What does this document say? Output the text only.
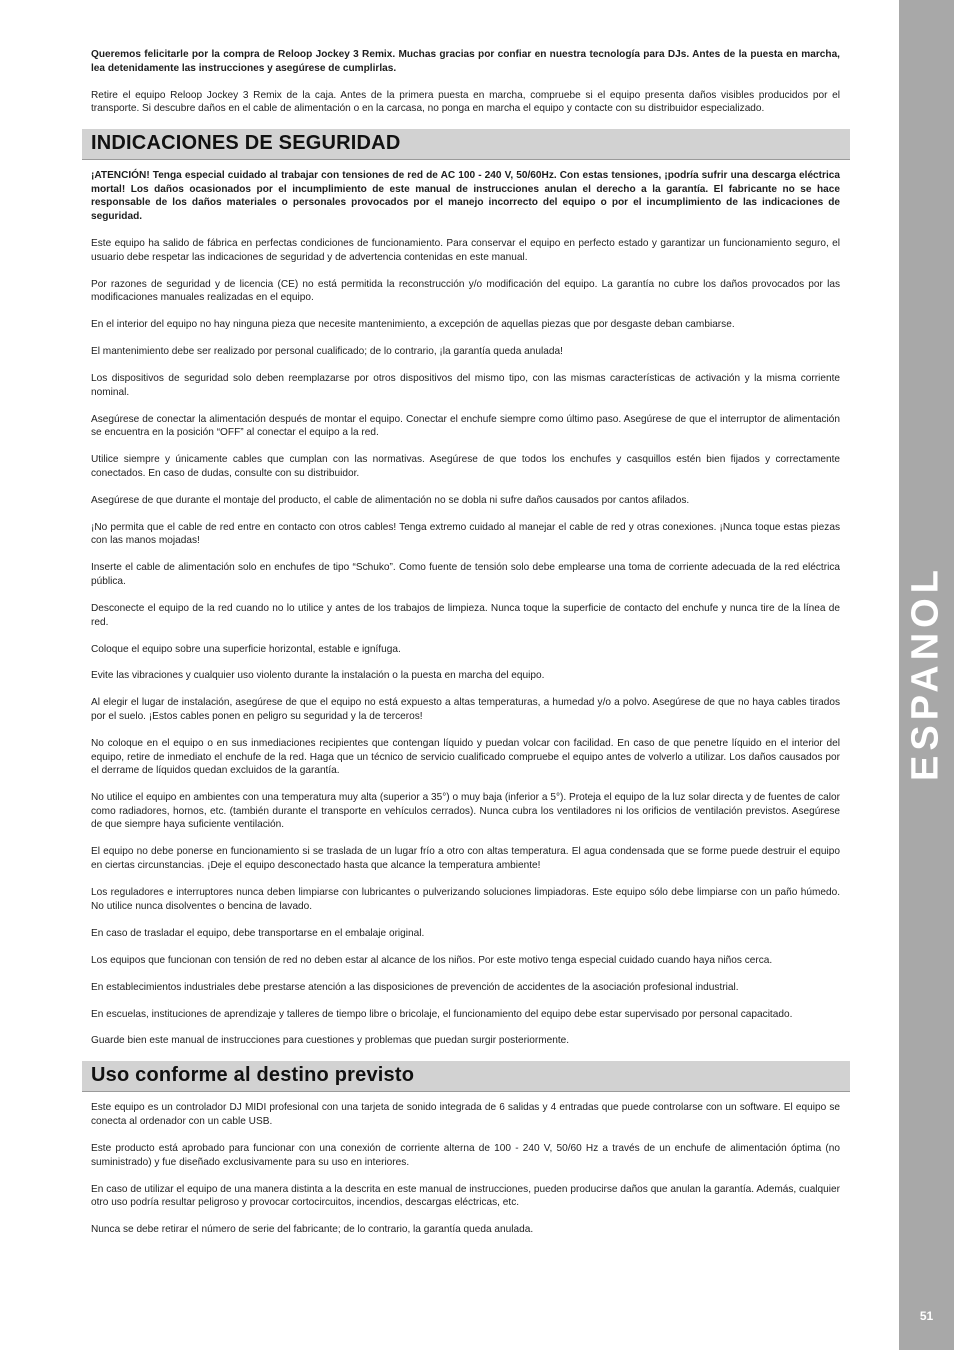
Queremos felicitarle por la compra de Reloop Jockey 3 Remix. Muchas gracias por confiar en nuestra tecnología para DJs. Antes de la puesta en marcha, lea detenidamente las instrucciones y asegúrese de cumplirlas.

Retire el equipo Reloop Jockey 3 Remix de la caja. Antes de la primera puesta en marcha, compruebe si el equipo presenta daños visibles producidos por el transporte. Si descubre daños en el cable de alimentación o en la carcasa, no ponga en marcha el equipo y contacte con su distribuidor especializado.

INDICACIONES DE SEGURIDAD

¡ATENCIÓN! Tenga especial cuidado al trabajar con tensiones de red de AC 100 - 240 V, 50/60Hz. Con estas tensiones, ¡podría sufrir una descarga eléctrica mortal! Los daños ocasionados por el incumplimiento de este manual de instrucciones anulan el derecho a la garantía. El fabricante no se hace responsable de los daños materiales o personales provocados por el manejo incorrecto del equipo o por el incumplimiento de las indicaciones de seguridad.

Este equipo ha salido de fábrica en perfectas condiciones de funcionamiento. Para conservar el equipo en perfecto estado y garantizar un funcionamiento seguro, el usuario debe respetar las indicaciones de seguridad y de advertencia contenidas en este manual.

Por razones de seguridad y de licencia (CE) no está permitida la reconstrucción y/o modificación del equipo. La garantía no cubre los daños provocados por las modificaciones manuales realizadas en el equipo.

En el interior del equipo no hay ninguna pieza que necesite mantenimiento, a excepción de aquellas piezas que por desgaste deban cambiarse.

El mantenimiento debe ser realizado por personal cualificado; de lo contrario, ¡la garantía queda anulada!

Los dispositivos de seguridad solo deben reemplazarse por otros dispositivos del mismo tipo, con las mismas características de activación y la misma corriente nominal.

Asegúrese de conectar la alimentación después de montar el equipo. Conectar el enchufe siempre como último paso. Asegúrese de que el interruptor de alimentación se encuentra en la posición “OFF” al conectar el equipo a la red.

Utilice siempre y únicamente cables que cumplan con las normativas. Asegúrese de que todos los enchufes y casquillos estén bien fijados y correctamente conectados. En caso de dudas, consulte con su distribuidor.

Asegúrese de que durante el montaje del producto, el cable de alimentación no se dobla ni sufre daños causados por cantos afilados.

¡No permita que el cable de red entre en contacto con otros cables! Tenga extremo cuidado al manejar el cable de red y otras conexiones. ¡Nunca toque estas piezas con las manos mojadas!

Inserte el cable de alimentación solo en enchufes de tipo “Schuko”. Como fuente de tensión solo debe emplearse una toma de corriente adecuada de la red eléctrica pública.

Desconecte el equipo de la red cuando no lo utilice y antes de los trabajos de limpieza. Nunca toque la superficie de contacto del enchufe y nunca tire de la línea de red.

Coloque el equipo sobre una superficie horizontal, estable e ignífuga.

Evite las vibraciones y cualquier uso violento durante la instalación o la puesta en marcha del equipo.

Al elegir el lugar de instalación, asegúrese de que el equipo no está expuesto a altas temperaturas, a humedad y/o a polvo. Asegúrese de que no haya cables tirados por el suelo. ¡Estos cables ponen en peligro su seguridad y la de terceros!

No coloque en el equipo o en sus inmediaciones recipientes que contengan líquido y puedan volcar con facilidad. En caso de que penetre líquido en el interior del equipo, retire de inmediato el enchufe de la red. Haga que un técnico de servicio cualificado compruebe el equipo antes de volverlo a utilizar. Los daños causados por el derrame de líquidos quedan excluidos de la garantía.

No utilice el equipo en ambientes con una temperatura muy alta (superior a 35°) o muy baja (inferior a 5°). Proteja el equipo de la luz solar directa y de fuentes de calor como radiadores, hornos, etc. (también durante el transporte en vehículos cerrados). Nunca cubra los ventiladores ni los orificios de ventilación previstos. Asegúrese de que siempre haya suficiente ventilación.

El equipo no debe ponerse en funcionamiento si se traslada de un lugar frío a otro con altas temperatura. El agua condensada que se forme puede destruir el equipo en ciertas circunstancias. ¡Deje el equipo desconectado hasta que alcance la temperatura ambiente!

Los reguladores e interruptores nunca deben limpiarse con lubricantes o pulverizando soluciones limpiadoras. Este equipo sólo debe limpiarse con un paño húmedo. No utilice nunca disolventes o bencina de lavado.

En caso de trasladar el equipo, debe transportarse en el embalaje original.

Los equipos que funcionan con tensión de red no deben estar al alcance de los niños. Por este motivo tenga especial cuidado cuando haya niños cerca.

En establecimientos industriales debe prestarse atención a las disposiciones de prevención de accidentes de la asociación profesional industrial.

En escuelas, instituciones de aprendizaje y talleres de tiempo libre o bricolaje, el funcionamiento del equipo debe estar supervisado por personal capacitado.

Guarde bien este manual de instrucciones para cuestiones y problemas que puedan surgir posteriormente.

Uso conforme al destino previsto

Este equipo es un controlador DJ MIDI profesional con una tarjeta de sonido integrada de 6 salidas y 4 entradas que puede controlarse con un software. El equipo se conecta al ordenador con un cable USB.

Este producto está aprobado para funcionar con una conexión de corriente alterna de 100 - 240 V, 50/60 Hz a través de un enchufe de alimentación óptima (no suministrado) y fue diseñado exclusivamente para su uso en interiores.

En caso de utilizar el equipo de una manera distinta a la descrita en este manual de instrucciones, pueden producirse daños que anulan la garantía. Además, cualquier otro uso podría resultar peligroso y provocar cortocircuitos, incendios, descargas eléctricas, etc.

Nunca se debe retirar el número de serie del fabricante; de lo contrario, la garantía queda anulada.

ESPANOL
51
